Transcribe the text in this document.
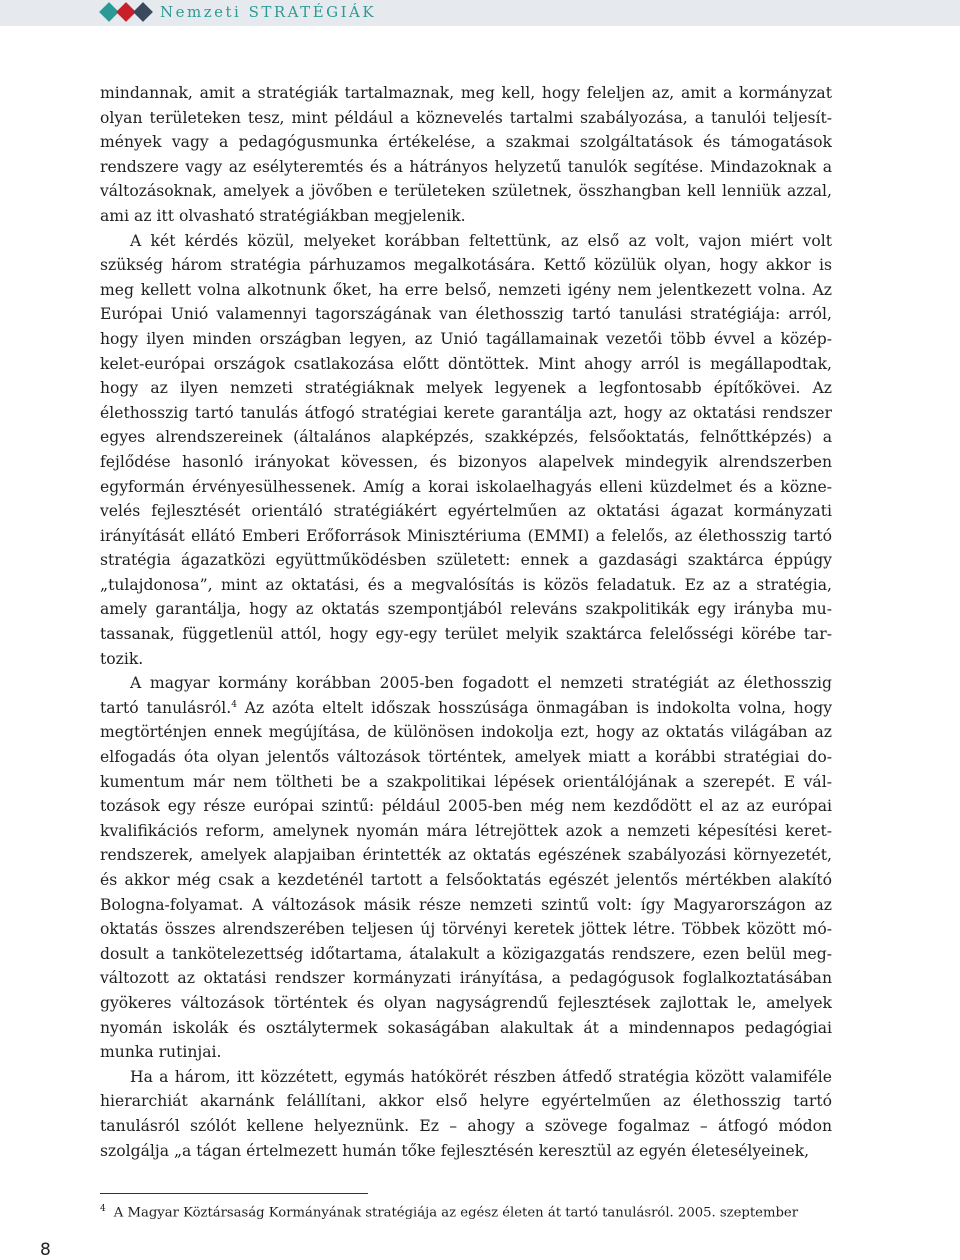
Nemzeti STRATÉGIÁK

mindannak, amit a stratégiák tartalmaznak, meg kell, hogy feleljen az, amit a kormányzat olyan területeken tesz, mint például a köznevelés tartalmi szabályozása, a tanulói teljesítmények vagy a pedagógusmunka értékelése, a szakmai szolgáltatások és támogatások rendszere vagy az esélyteremtés és a hátrányos helyzetű tanulók segítése. Mindazoknak a változásoknak, amelyek a jövőben e területeken születnek, összhangban kell lenniük azzal, ami az itt olvasható stratégiákban megjelenik.

A két kérdés közül, melyeket korábban feltettünk, az első az volt, vajon miért volt szükség három stratégia párhuzamos megalkotására. Kettő közülük olyan, hogy akkor is meg kellett volna alkotnunk őket, ha erre belső, nemzeti igény nem jelentkezett volna. Az Európai Unió valamennyi tagországának van élethosszig tartó tanulási stratégiája: arról, hogy ilyen minden országban legyen, az Unió tagállamainak vezetői több évvel a közép-kelet-európai országok csatlakozása előtt döntöttek. Mint ahogy arról is megállapodtak, hogy az ilyen nemzeti stratégiáknak melyek legyenek a legfontosabb építőkövei. Az élethosszig tartó tanulás átfogó stratégiai kerete garantálja azt, hogy az oktatási rendszer egyes alrendszereinek (általános alapképzés, szakképzés, felsőoktatás, felnőttképzés) a fejlődése hasonló irányokat kövessen, és bizonyos alapelvek mindegyik alrendszerben egyformán érvényesülhessenek. Amíg a korai iskolaelhagyás elleni küzdelmet és a köznevelés fejlesztését orientáló stratégiákért egyértelműen az oktatási ágazat kormányzati irányítását ellátó Emberi Erőforrások Minisztériuma (EMMI) a felelős, az élethosszig tartó stratégia ágazatközi együttműködésben született: ennek a gazdasági szaktárca éppúgy „tulajdonosa”, mint az oktatási, és a megvalósítás is közös feladatuk. Ez az a stratégia, amely garantálja, hogy az oktatás szempontjából releváns szakpolitikák egy irányba mutassanak, függetlenül attól, hogy egy-egy terület melyik szaktárca felelősségi körébe tartozik.

A magyar kormány korábban 2005-ben fogadott el nemzeti stratégiát az élethosszig tartó tanulásról.$^4$ Az azóta eltelt időszak hosszúsága önmagában is indokolta volna, hogy megtörténjen ennek megújítása, de különösen indokolja ezt, hogy az oktatás világában az elfogadás óta olyan jelentős változások történtek, amelyek miatt a korábbi stratégiai dokumentum már nem töltheti be a szakpolitikai lépések orientálójának a szerepét. E változások egy része európai szintű: például 2005-ben még nem kezdődött el az az európai kvalifikációs reform, amelynek nyomán mára létrejöttek azok a nemzeti képesítési keretrendszerek, amelyek alapjaiban érintették az oktatás egészének szabályozási környezetét, és akkor még csak a kezdeténél tartott a felsőoktatás egészét jelentős mértékben alakító Bologna-folyamat. A változások másik része nemzeti szintű volt: így Magyarországon az oktatás összes alrendszerében teljesen új törvényi keretek jöttek létre. Többek között módosult a tankötelezettség időtartama, átalakult a közigazgatás rendszere, ezen belül megváltozott az oktatási rendszer kormányzati irányítása, a pedagógusok foglalkoztatásában gyökeres változások történtek és olyan nagyságrendű fejlesztések zajlottak le, amelyek nyomán iskolák és osztálytermek sokaságában alakultak át a mindennapos pedagógiai munka rutinjai.

Ha a három, itt közzétett, egymás hatókörét részben átfedő stratégia között valamiféle hierarchiát akarnánk felállítani, akkor első helyre egyértelműen az élethosszig tartó tanulásról szólót kellene helyeznünk. Ez – ahogy a szövege fogalmaz – átfogó módon szolgálja „a tágan értelmezett humán tőke fejlesztésén keresztül az egyén életesélyeinek,

$^4$ A Magyar Köztársaság Kormányának stratégiája az egész életen át tartó tanulásról. 2005. szeptember
8
